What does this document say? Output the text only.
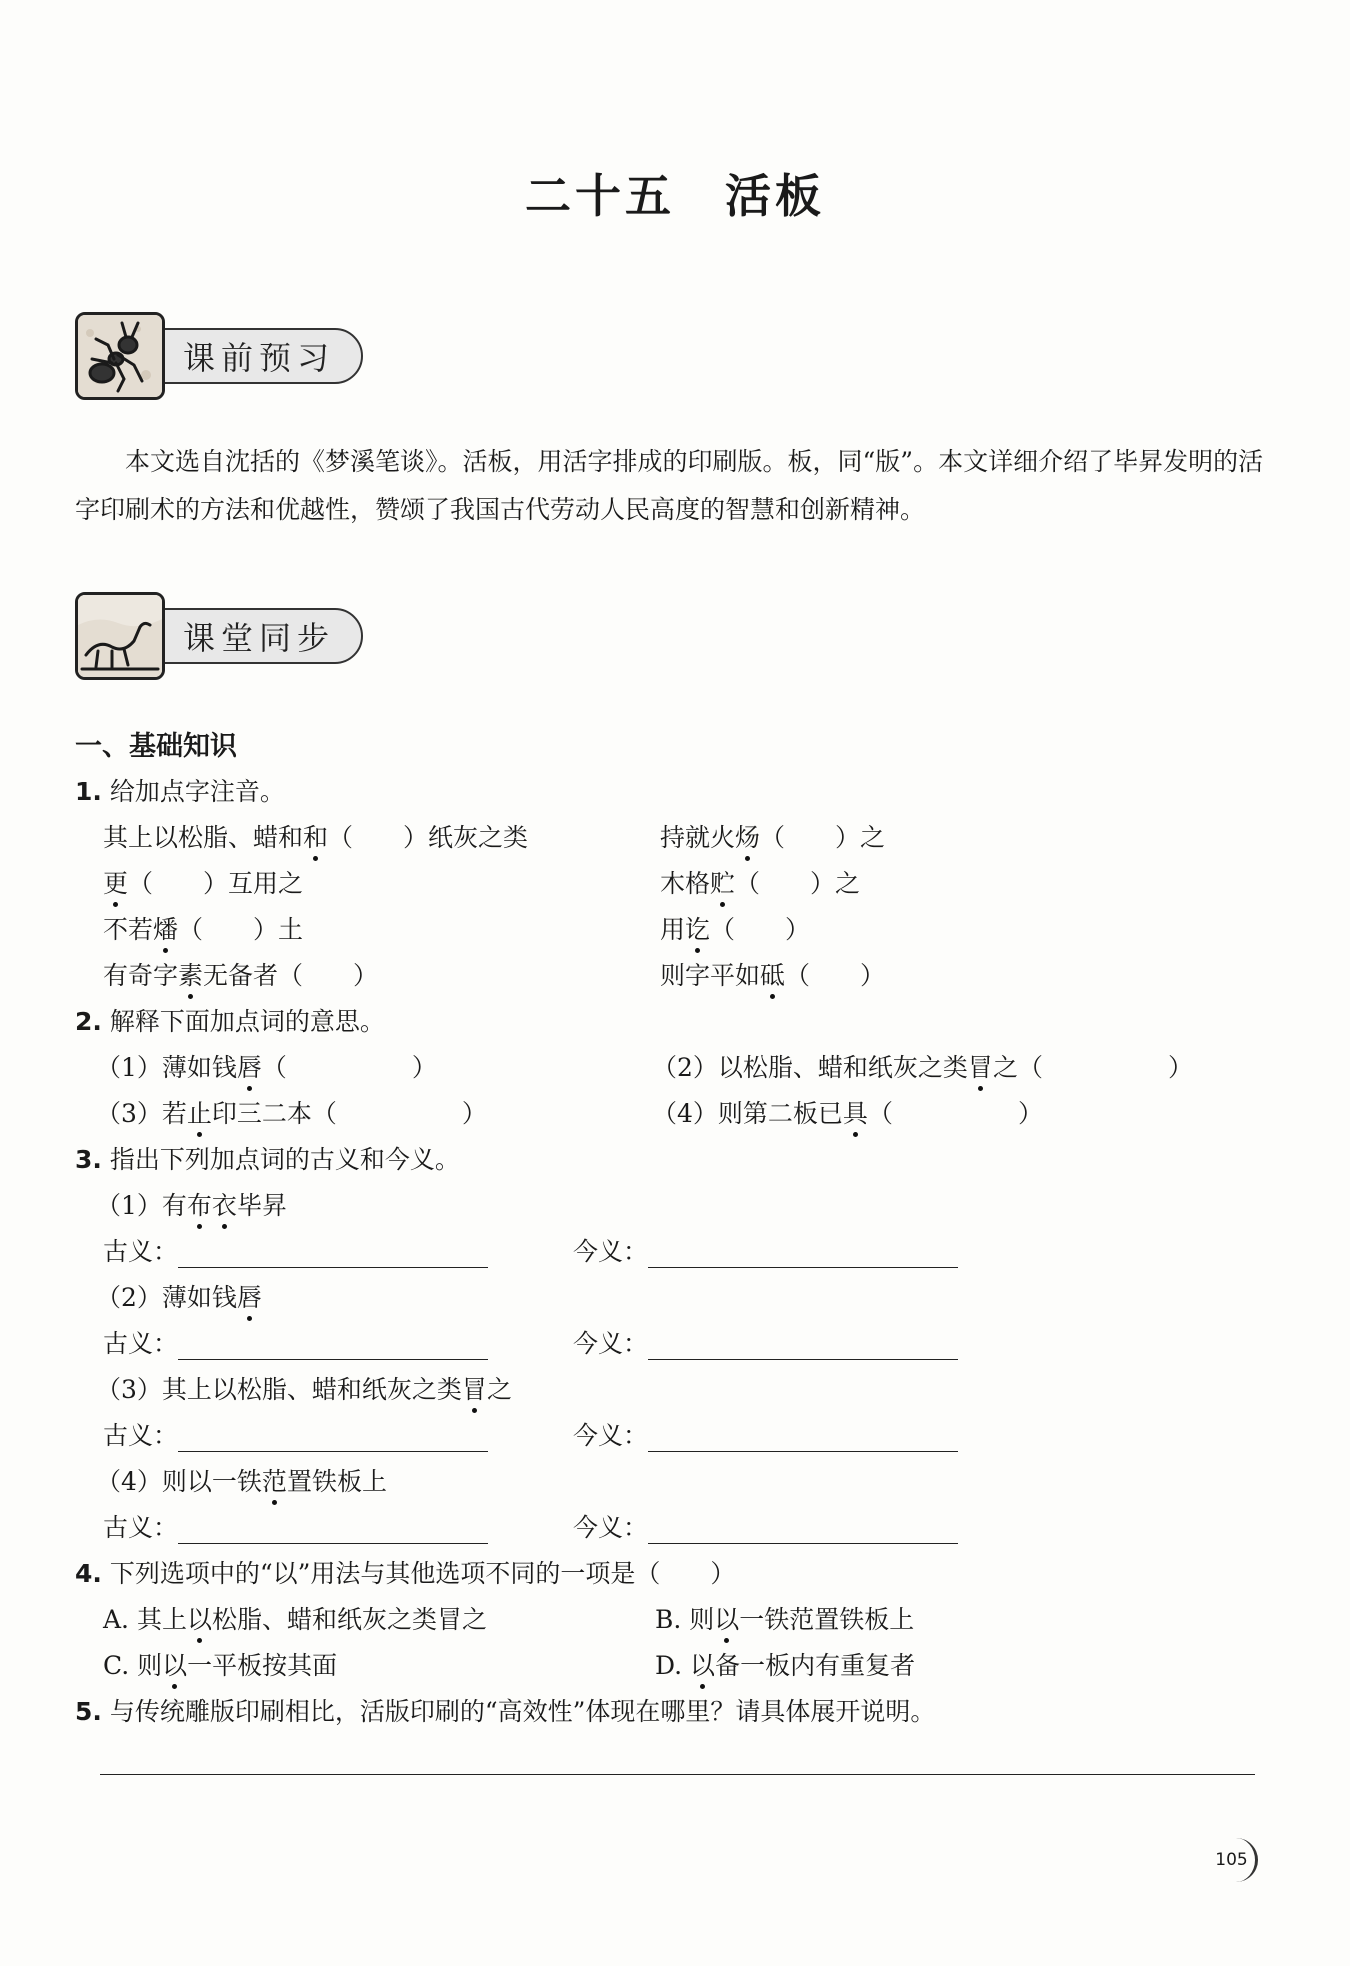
二十五　活板
课前预习

本文选自沈括的《梦溪笔谈》。活板，用活字排成的印刷版。板，同“版”。本文详细介绍了毕昇发明的活字印刷术的方法和优越性，赞颂了我国古代劳动人民高度的智慧和创新精神。

课堂同步
一、基础知识
1. 给加点字注音。
其上以松脂、蜡和和（　　）纸灰之类	持就火炀（　　）之
更（　　）互用之	木格贮（　　）之
不若燔（　　）土	用讫（　　）
有奇字素无备者（　　）	则字平如砥（　　）
2. 解释下面加点词的意思。
（1）薄如钱唇（　　　　　）	（2）以松脂、蜡和纸灰之类冒之（　　　　　）
（3）若止印三二本（　　　　　）	（4）则第二板已具（　　　　　）
3. 指出下列加点词的古义和今义。
（1）有布衣毕昇
古义：	今义：
（2）薄如钱唇
古义：	今义：
（3）其上以松脂、蜡和纸灰之类冒之
古义：	今义：
（4）则以一铁范置铁板上
古义：	今义：
4. 下列选项中的“以”用法与其他选项不同的一项是（　　）
A. 其上以松脂、蜡和纸灰之类冒之	B. 则以一铁范置铁板上
C. 则以一平板按其面	D. 以备一板内有重复者
5. 与传统雕版印刷相比，活版印刷的“高效性”体现在哪里？请具体展开说明。
105
